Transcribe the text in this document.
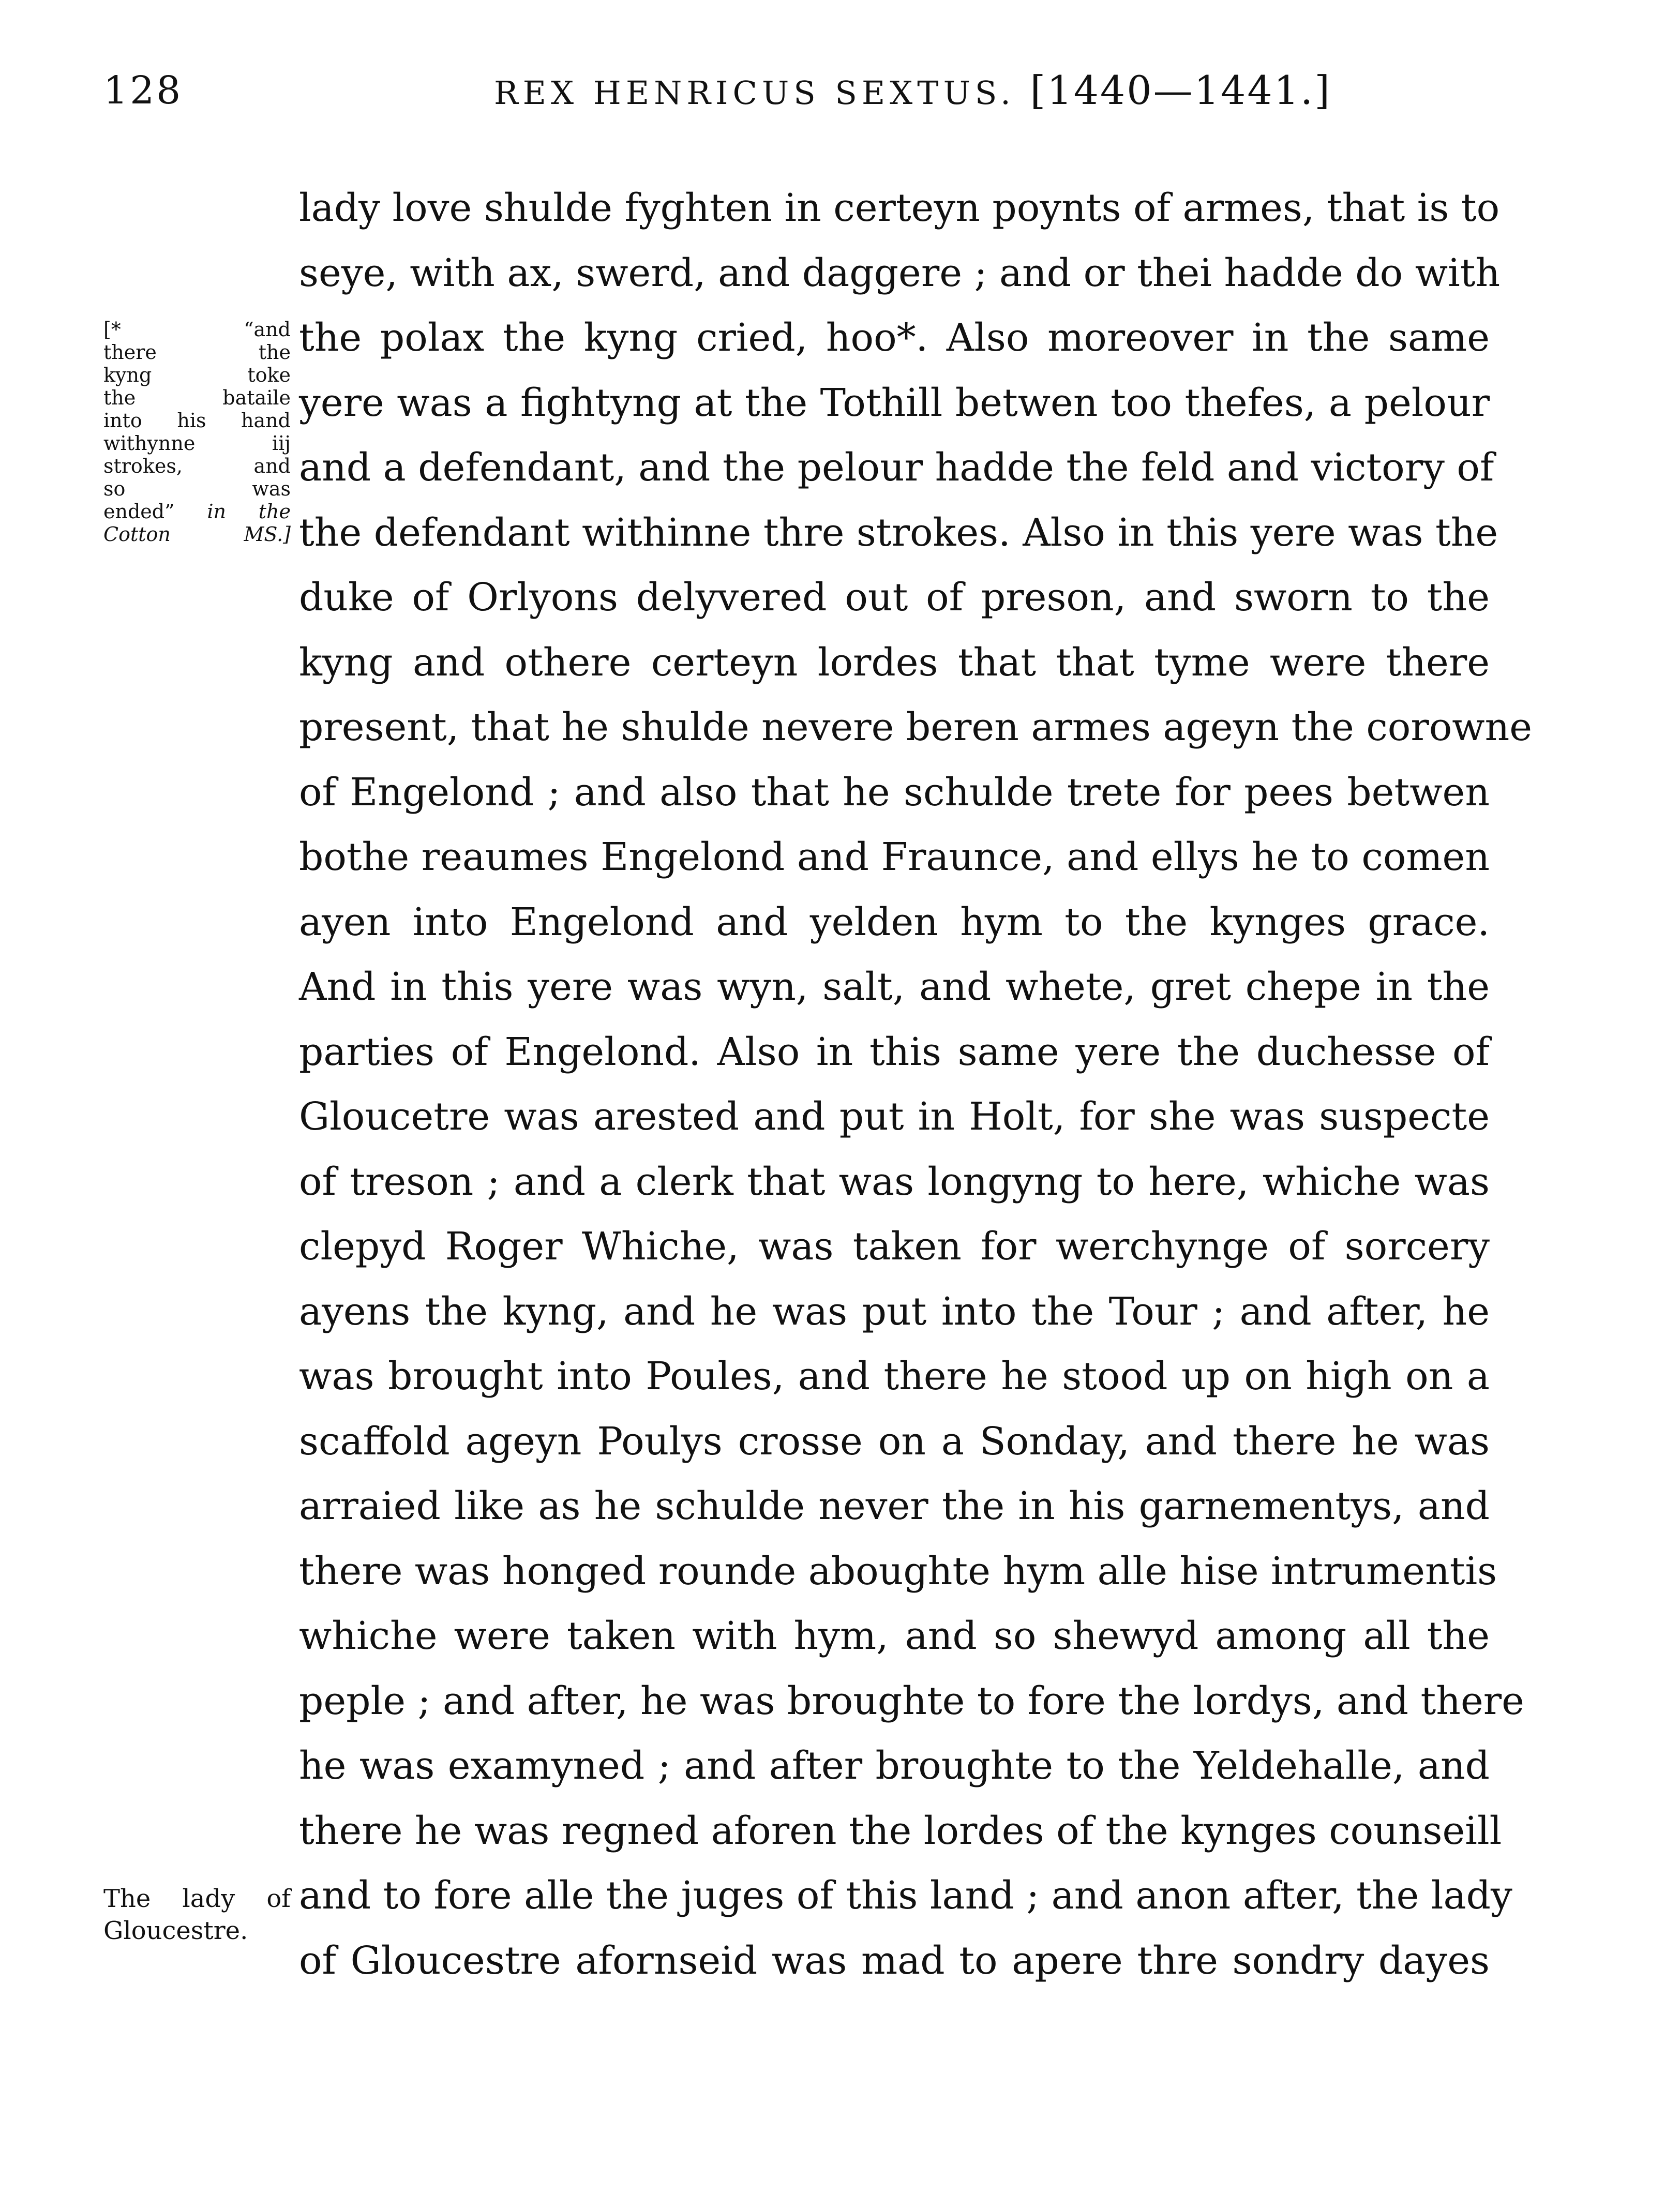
128	REX HENRICUS SEXTUS. [1440—1441.]
[* “and
there the
kyng toke
the bataile
into his hand
withynne iij
strokes, and
so was
ended” in the
Cotton MS.]
The lady of
Gloucestre.
lady love shulde fyghten in certeyn poynts of armes, that is to
seye, with ax, swerd, and daggere ; and or thei hadde do with
the polax the kyng cried, hoo*. Also moreover in the same
yere was a fightyng at the Tothill betwen too thefes, a pelour
and a defendant, and the pelour hadde the feld and victory of
the defendant withinne thre strokes. Also in this yere was the
duke of Orlyons delyvered out of preson, and sworn to the
kyng and othere certeyn lordes that that tyme were there
present, that he shulde nevere beren armes ageyn the corowne
of Engelond ; and also that he schulde trete for pees betwen
bothe reaumes Engelond and Fraunce, and ellys he to comen
ayen into Engelond and yelden hym to the kynges grace.
And in this yere was wyn, salt, and whete, gret chepe in the
parties of Engelond. Also in this same yere the duchesse of
Gloucetre was arested and put in Holt, for she was suspecte
of treson ; and a clerk that was longyng to here, whiche was
clepyd Roger Whiche, was taken for werchynge of sorcery
ayens the kyng, and he was put into the Tour ; and after, he
was brought into Poules, and there he stood up on high on a
scaffold ageyn Poulys crosse on a Sonday, and there he was
arraied like as he schulde never the in his garnementys, and
there was honged rounde aboughte hym alle hise intrumentis
whiche were taken with hym, and so shewyd among all the
peple ; and after, he was broughte to fore the lordys, and there
he was examyned ; and after broughte to the Yeldehalle, and
there he was regned aforen the lordes of the kynges counseill
and to fore alle the juges of this land ; and anon after, the lady
of Gloucestre afornseid was mad to apere thre sondry dayes
